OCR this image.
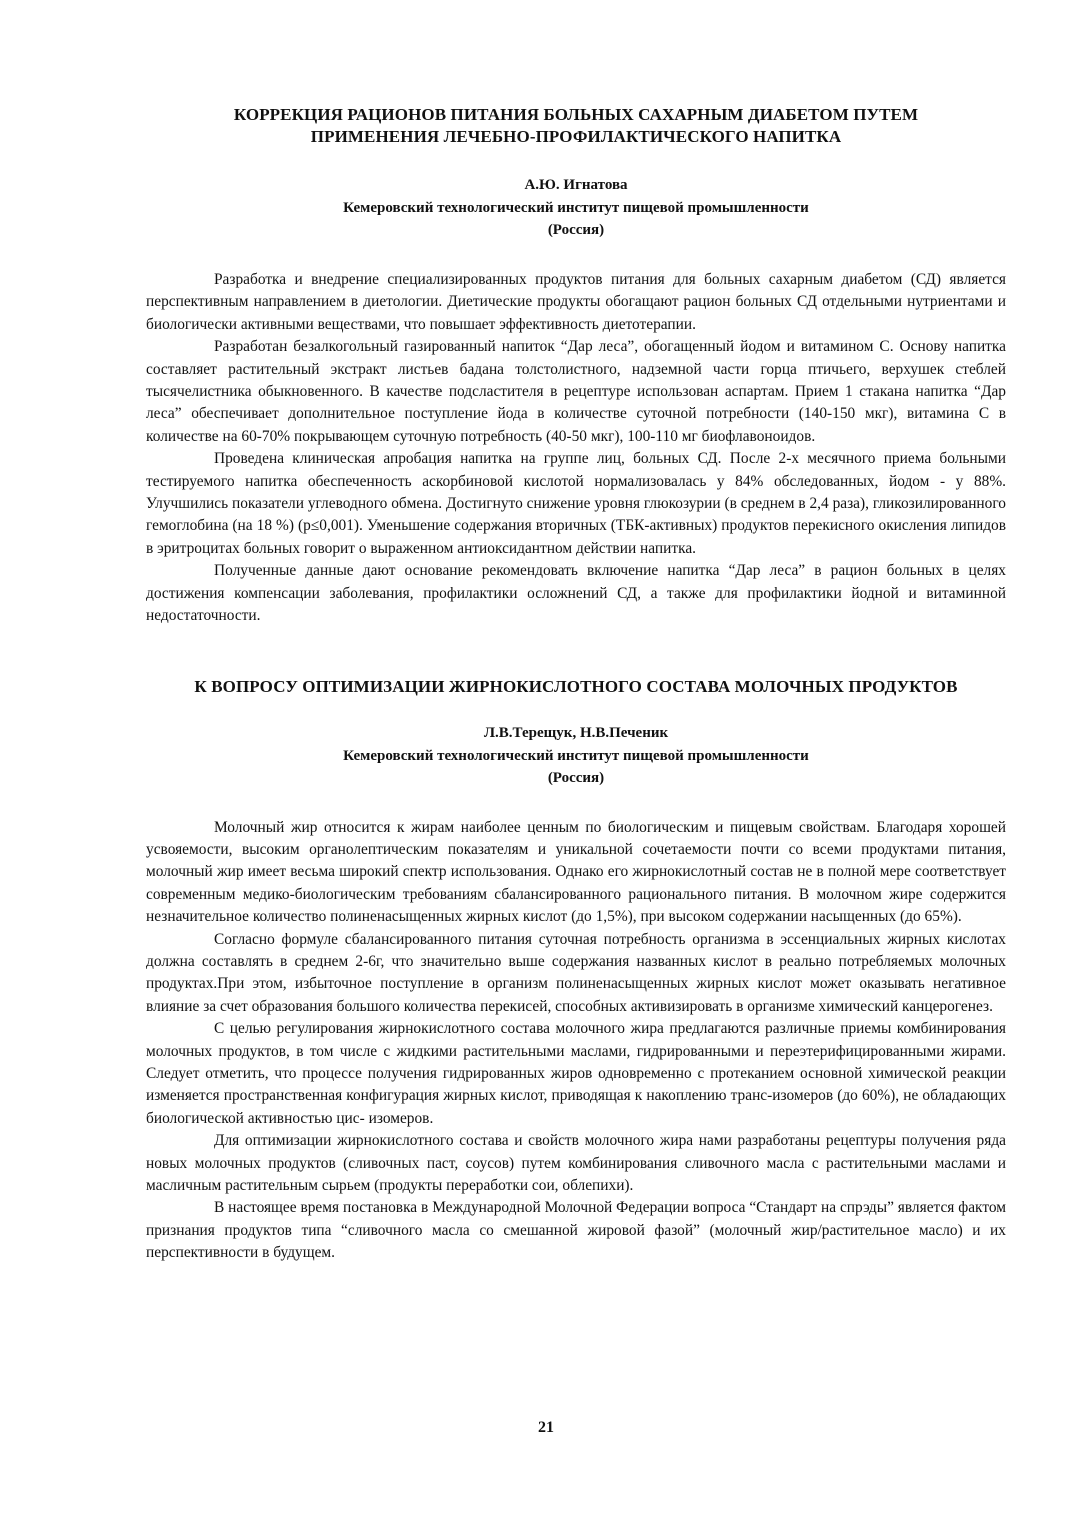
КОРРЕКЦИЯ РАЦИОНОВ ПИТАНИЯ БОЛЬНЫХ САХАРНЫМ ДИАБЕТОМ ПУТЕМ

ПРИМЕНЕНИЯ ЛЕЧЕБНО-ПРОФИЛАКТИЧЕСКОГО НАПИТКА

А.Ю. Игнатова

Кемеровский технологический институт пищевой промышленности

(Россия)

Разработка и внедрение специализированных продуктов питания для больных сахарным диабетом (СД) является перспективным направлением в диетологии. Диетические продукты обогащают рацион больных СД отдельными нутриентами и биологически активными веществами, что повышает эффективность диетотерапии.

Разработан безалкогольный газированный напиток “Дар леса”, обогащенный йодом и витамином С. Основу напитка составляет растительный экстракт листьев бадана толстолистного, надземной части горца птичьего, верхушек стеблей тысячелистника обыкновенного. В качестве подсластителя в рецептуре использован аспартам. Прием 1 стакана напитка “Дар леса” обеспечивает дополнительное поступление йода в количестве суточной потребности (140-150 мкг), витамина С в количестве на 60-70% покрывающем суточную потребность (40-50 мкг), 100-110 мг биофлавоноидов.

Проведена клиническая апробация напитка на группе лиц, больных СД. После 2-х месячного приема больными тестируемого напитка обеспеченность аскорбиновой кислотой нормализовалась у 84% обследованных, йодом - у 88%. Улучшились показатели углеводного обмена. Достигнуто снижение уровня глюкозурии (в среднем в 2,4 раза), гликозилированного гемоглобина (на 18 %) (p≤0,001). Уменьшение содержания вторичных (ТБК-активных) продуктов перекисного окисления липидов в эритроцитах больных говорит о выраженном антиоксидантном действии напитка.

Полученные данные дают основание рекомендовать включение напитка “Дар леса” в рацион больных в целях достижения компенсации заболевания, профилактики осложнений СД, а также для профилактики йодной и витаминной недостаточности.

К ВОПРОСУ ОПТИМИЗАЦИИ ЖИРНОКИСЛОТНОГО СОСТАВА МОЛОЧНЫХ ПРОДУКТОВ

Л.В.Терещук, Н.В.Печеник

Кемеровский технологический институт пищевой промышленности

(Россия)

Молочный жир относится к жирам наиболее ценным по биологическим и пищевым свойствам. Благодаря хорошей усвояемости, высоким органолептическим показателям и уникальной сочетаемости почти со всеми продуктами питания, молочный жир имеет весьма широкий спектр использования. Однако его жирнокислотный состав не в полной мере соответствует современным медико-биологическим требованиям сбалансированного рационального питания. В молочном жире содержится незначительное количество полиненасыщенных жирных кислот (до 1,5%), при высоком содержании насыщенных (до 65%).

Согласно формуле сбалансированного питания суточная потребность организма в эссенциальных жирных кислотах должна составлять в среднем 2-6г, что значительно выше содержания названных кислот в реально потребляемых молочных продуктах.При этом, избыточное поступление в организм полиненасыщенных жирных кислот может оказывать негативное влияние за счет образования большого количества перекисей, способных активизировать в организме химический канцерогенез.

С целью регулирования жирнокислотного состава молочного жира предлагаются различные приемы комбинирования молочных продуктов, в том числе с жидкими растительными маслами, гидрированными и переэтерифицированными жирами. Следует отметить, что процессе получения гидрированных жиров одновременно с протеканием основной химической реакции изменяется пространственная конфигурация жирных кислот, приводящая к накоплению транс-изомеров (до 60%), не обладающих биологической активностью цис- изомеров.

Для оптимизации жирнокислотного состава и свойств молочного жира нами разработаны рецептуры получения ряда новых молочных продуктов (сливочных паст, соусов) путем комбинирования сливочного масла с растительными маслами и масличным растительным сырьем (продукты переработки сои, облепихи).

В настоящее время постановка в Международной Молочной Федерации вопроса “Стандарт на спрэды” является фактом признания продуктов типа “сливочного масла со смешанной жировой фазой” (молочный жир/растительное масло) и их перспективности в будущем.

21
